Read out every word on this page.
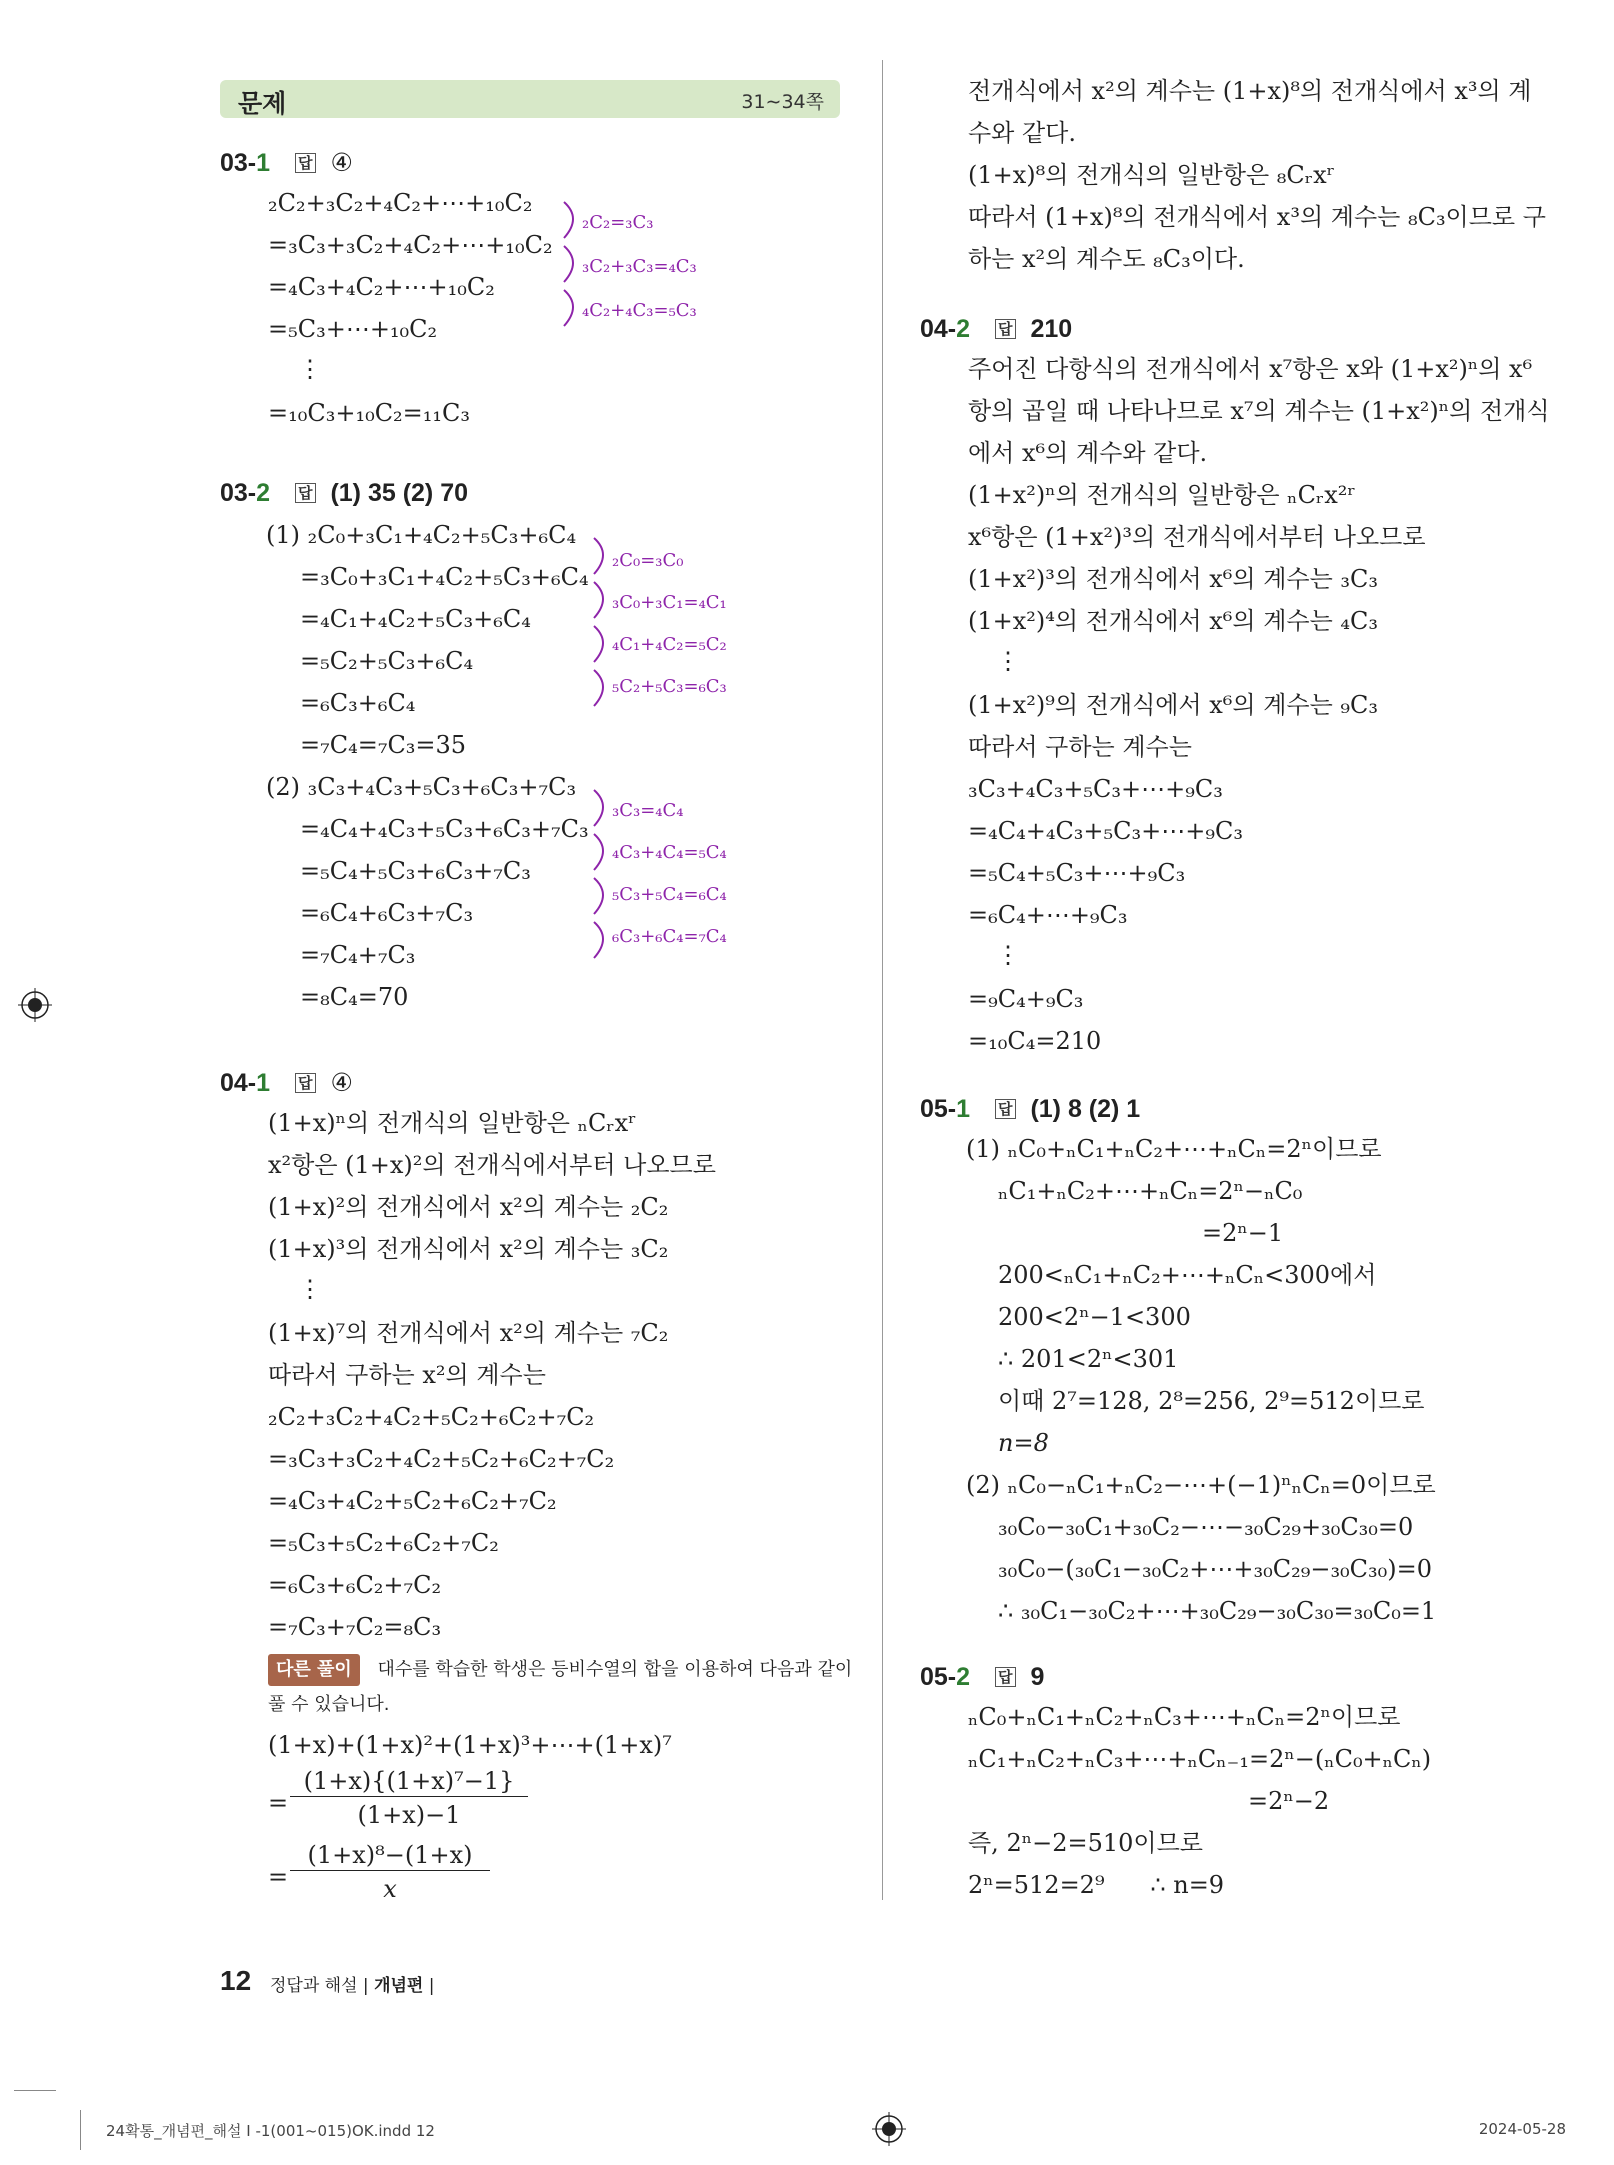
문제	31∼34쪽
03-1 답 ④
₂C₂+₃C₂+₄C₂+⋯+₁₀C₂
=₃C₃+₃C₂+₄C₂+⋯+₁₀C₂
=₄C₃+₄C₂+⋯+₁₀C₂
=₅C₃+⋯+₁₀C₂
⋮
=₁₀C₃+₁₀C₂=₁₁C₃
₂C₂=₃C₃
₃C₂+₃C₃=₄C₃
₄C₂+₄C₃=₅C₃
03-2 답 (1) 35 (2) 70
(1) ₂C₀+₃C₁+₄C₂+₅C₃+₆C₄
=₃C₀+₃C₁+₄C₂+₅C₃+₆C₄
=₄C₁+₄C₂+₅C₃+₆C₄
=₅C₂+₅C₃+₆C₄
=₆C₃+₆C₄
=₇C₄=₇C₃=35
₂C₀=₃C₀
₃C₀+₃C₁=₄C₁
₄C₁+₄C₂=₅C₂
₅C₂+₅C₃=₆C₃
(2) ₃C₃+₄C₃+₅C₃+₆C₃+₇C₃
=₄C₄+₄C₃+₅C₃+₆C₃+₇C₃
=₅C₄+₅C₃+₆C₃+₇C₃
=₆C₄+₆C₃+₇C₃
=₇C₄+₇C₃
=₈C₄=70
₃C₃=₄C₄
₄C₃+₄C₄=₅C₄
₅C₃+₅C₄=₆C₄
₆C₃+₆C₄=₇C₄
04-1 답 ④
(1+x)ⁿ의 전개식의 일반항은 ₙCᵣxʳ
x²항은 (1+x)²의 전개식에서부터 나오므로
(1+x)²의 전개식에서 x²의 계수는 ₂C₂
(1+x)³의 전개식에서 x²의 계수는 ₃C₂
⋮
(1+x)⁷의 전개식에서 x²의 계수는 ₇C₂
따라서 구하는 x²의 계수는
₂C₂+₃C₂+₄C₂+₅C₂+₆C₂+₇C₂
=₃C₃+₃C₂+₄C₂+₅C₂+₆C₂+₇C₂
=₄C₃+₄C₂+₅C₂+₆C₂+₇C₂
=₅C₃+₅C₂+₆C₂+₇C₂
=₆C₃+₆C₂+₇C₂
=₇C₃+₇C₂=₈C₃
다른 풀이 대수를 학습한 학생은 등비수열의 합을 이용하여 다음과 같이
풀 수 있습니다.
(1+x)+(1+x)²+(1+x)³+⋯+(1+x)⁷
=
(1+x){(1+x)⁷−1}
(1+x)−1
=
(1+x)⁸−(1+x)
x
전개식에서 x²의 계수는 (1+x)⁸의 전개식에서 x³의 계
수와 같다.
(1+x)⁸의 전개식의 일반항은 ₈Cᵣxʳ
따라서 (1+x)⁸의 전개식에서 x³의 계수는 ₈C₃이므로 구
하는 x²의 계수도 ₈C₃이다.
04-2 답 210
주어진 다항식의 전개식에서 x⁷항은 x와 (1+x²)ⁿ의 x⁶
항의 곱일 때 나타나므로 x⁷의 계수는 (1+x²)ⁿ의 전개식
에서 x⁶의 계수와 같다.
(1+x²)ⁿ의 전개식의 일반항은 ₙCᵣx²ʳ
x⁶항은 (1+x²)³의 전개식에서부터 나오므로
(1+x²)³의 전개식에서 x⁶의 계수는 ₃C₃
(1+x²)⁴의 전개식에서 x⁶의 계수는 ₄C₃
⋮
(1+x²)⁹의 전개식에서 x⁶의 계수는 ₉C₃
따라서 구하는 계수는
₃C₃+₄C₃+₅C₃+⋯+₉C₃
=₄C₄+₄C₃+₅C₃+⋯+₉C₃
=₅C₄+₅C₃+⋯+₉C₃
=₆C₄+⋯+₉C₃
⋮
=₉C₄+₉C₃
=₁₀C₄=210
05-1 답 (1) 8 (2) 1
(1) ₙC₀+ₙC₁+ₙC₂+⋯+ₙCₙ=2ⁿ이므로
ₙC₁+ₙC₂+⋯+ₙCₙ=2ⁿ−ₙC₀
=2ⁿ−1
200<ₙC₁+ₙC₂+⋯+ₙCₙ<300에서
200<2ⁿ−1<300
∴ 201<2ⁿ<301
이때 2⁷=128, 2⁸=256, 2⁹=512이므로
n=8
(2) ₙC₀−ₙC₁+ₙC₂−⋯+(−1)ⁿₙCₙ=0이므로
₃₀C₀−₃₀C₁+₃₀C₂−⋯−₃₀C₂₉+₃₀C₃₀=0
₃₀C₀−(₃₀C₁−₃₀C₂+⋯+₃₀C₂₉−₃₀C₃₀)=0
∴ ₃₀C₁−₃₀C₂+⋯+₃₀C₂₉−₃₀C₃₀=₃₀C₀=1
05-2 답 9
ₙC₀+ₙC₁+ₙC₂+ₙC₃+⋯+ₙCₙ=2ⁿ이므로
ₙC₁+ₙC₂+ₙC₃+⋯+ₙCₙ₋₁=2ⁿ−(ₙC₀+ₙCₙ)
=2ⁿ−2
즉, 2ⁿ−2=510이므로
2ⁿ=512=2⁹      ∴ n=9
12 정답과 해설 | 개념편 |
24확통_개념편_해설 I -1(001~015)OK.indd 12	2024-05-28
